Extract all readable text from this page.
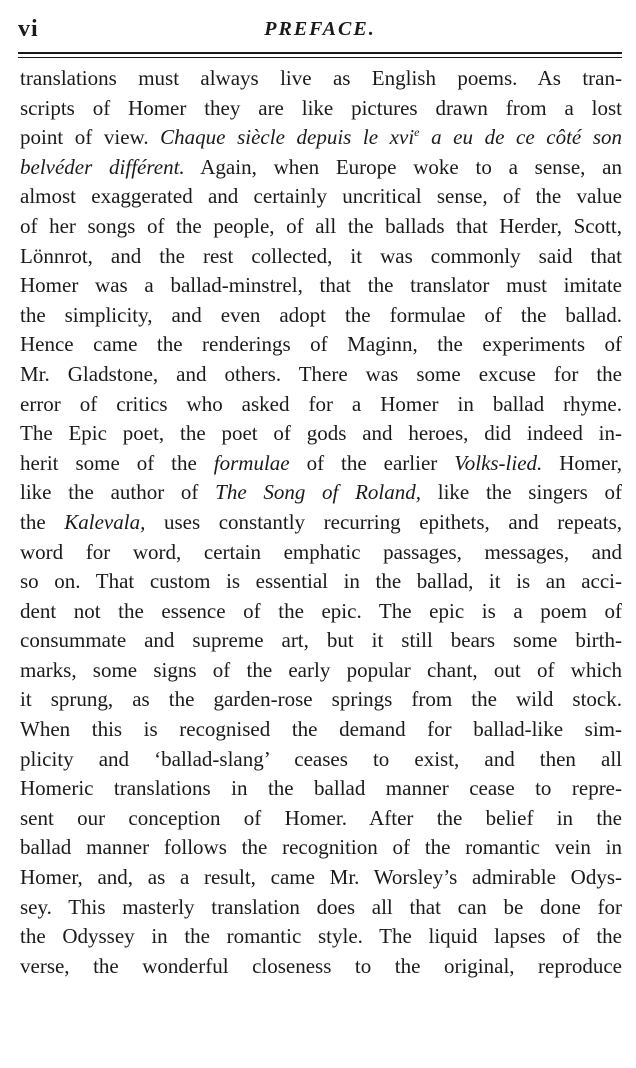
vi	PREFACE.
translations must always live as English poems. As tran-
scripts of Homer they are like pictures drawn from a lost
point of view. Chaque siècle depuis le xvi$^e$ a eu de ce côté son
belvéder différent. Again, when Europe woke to a sense, an
almost exaggerated and certainly uncritical sense, of the value
of her songs of the people, of all the ballads that Herder, Scott,
Lönnrot, and the rest collected, it was commonly said that
Homer was a ballad-minstrel, that the translator must imitate
the simplicity, and even adopt the formulae of the ballad.
Hence came the renderings of Maginn, the experiments of
Mr. Gladstone, and others. There was some excuse for the
error of critics who asked for a Homer in ballad rhyme.
The Epic poet, the poet of gods and heroes, did indeed in-
herit some of the formulae of the earlier Volks-lied. Homer,
like the author of The Song of Roland, like the singers of
the Kalevala, uses constantly recurring epithets, and repeats,
word for word, certain emphatic passages, messages, and
so on. That custom is essential in the ballad, it is an acci-
dent not the essence of the epic. The epic is a poem of
consummate and supreme art, but it still bears some birth-
marks, some signs of the early popular chant, out of which
it sprung, as the garden-rose springs from the wild stock.
When this is recognised the demand for ballad-like sim-
plicity and ‘ballad-slang’ ceases to exist, and then all
Homeric translations in the ballad manner cease to repre-
sent our conception of Homer. After the belief in the
ballad manner follows the recognition of the romantic vein in
Homer, and, as a result, came Mr. Worsley’s admirable Odys-
sey. This masterly translation does all that can be done for
the Odyssey in the romantic style. The liquid lapses of the
verse, the wonderful closeness to the original, reproduce
